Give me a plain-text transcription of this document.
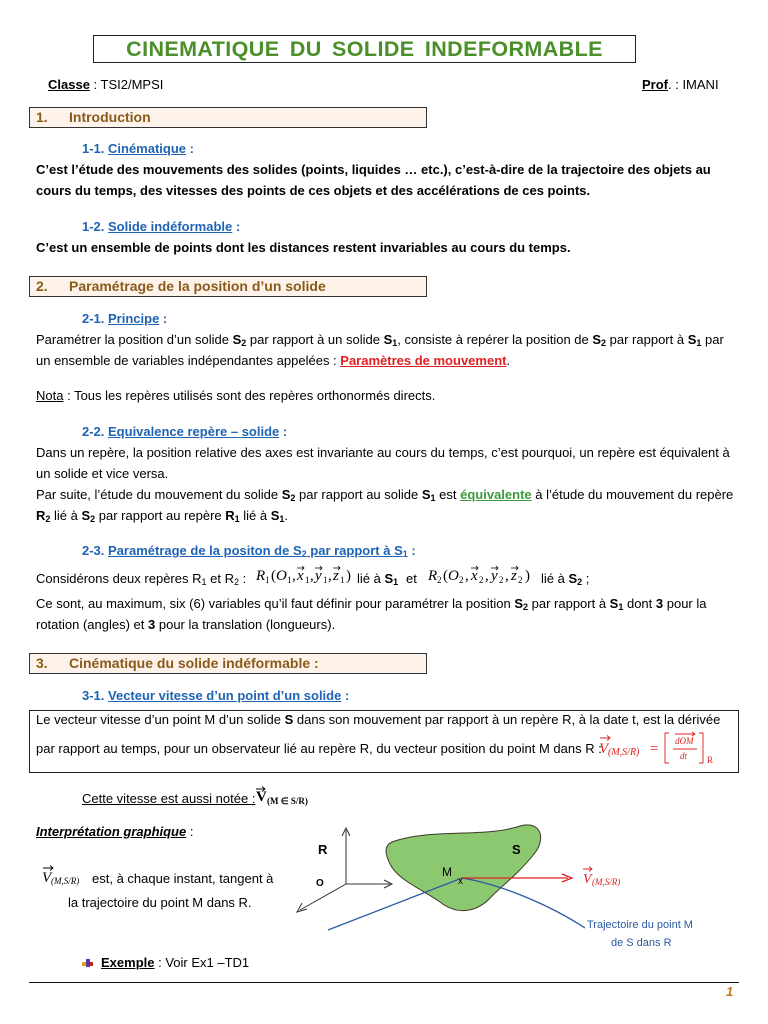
CINEMATIQUE DU SOLIDE INDEFORMABLE
Classe : TSI2/MPSI	Prof. : IMANI
1. Introduction
1-1. Cinématique :
C’est l’étude des mouvements des solides (points, liquides … etc.), c’est-à-dire de la trajectoire des objets au
cours du temps, des vitesses des points de ces objets et des accélérations de ces points.
1-2. Solide indéformable :
C’est un ensemble de points dont les distances restent invariables au cours du temps.
2. Paramétrage de la position d’un solide
2-1. Principe :
Paramétrer la position d’un solide $S_2$ par rapport à un solide $S_1$, consiste à repérer la position de $S_2$ par rapport à $S_1$ par
un ensemble de variables indépendantes appelées : Paramètres de mouvement.
Nota : Tous les repères utilisés sont des repères orthonormés directs.
2-2. Equivalence repère – solide :
Dans un repère, la position relative des axes est invariante au cours du temps, c’est pourquoi, un repère est équivalent à
un solide et vice versa.
Par suite, l’étude du mouvement du solide $S_2$ par rapport au solide $S_1$ est équivalente à l’étude du mouvement du repère
$R_2$ lié à $S_2$ par rapport au repère $R_1$ lié à $S_1$.
2-3. Paramétrage de la positon de $S_2$ par rapport à $S_1$ :
Considérons deux repères $R_1$ et $R_2$ : R 1 ( O 1 , x 1 , y 1 , z 1 ) lié à $S_1$ et R 2 ( O 2 , x 2 , y 2 , z 2 ) lié à $S_2$ ;
Ce sont, au maximum, six (6) variables qu’il faut définir pour paramétrer la position $S_2$ par rapport à $S_1$ dont 3 pour la
rotation (angles) et 3 pour la translation (longueurs).
3. Cinématique du solide indéformable :
3-1. Vecteur vitesse d’un point d’un solide :
Le vecteur vitesse d’un point M d’un solide S dans son mouvement par rapport à un repère R, à la date t, est la dérivée
par rapport au temps, pour un observateur lié au repère R, du vecteur position du point M dans R :
V (M,S/R) = dOM
dt R
Cette vitesse est aussi notée : V (M ∈ S/R)
Interprétation graphique :
V (M,S/R) est, à chaque instant, tangent à
la trajectoire du point M dans R.
V (M,S/R)
R
O
S
M
x
Trajectoire du point M
de S dans R
Exemple : Voir Ex1 –TD1
1
